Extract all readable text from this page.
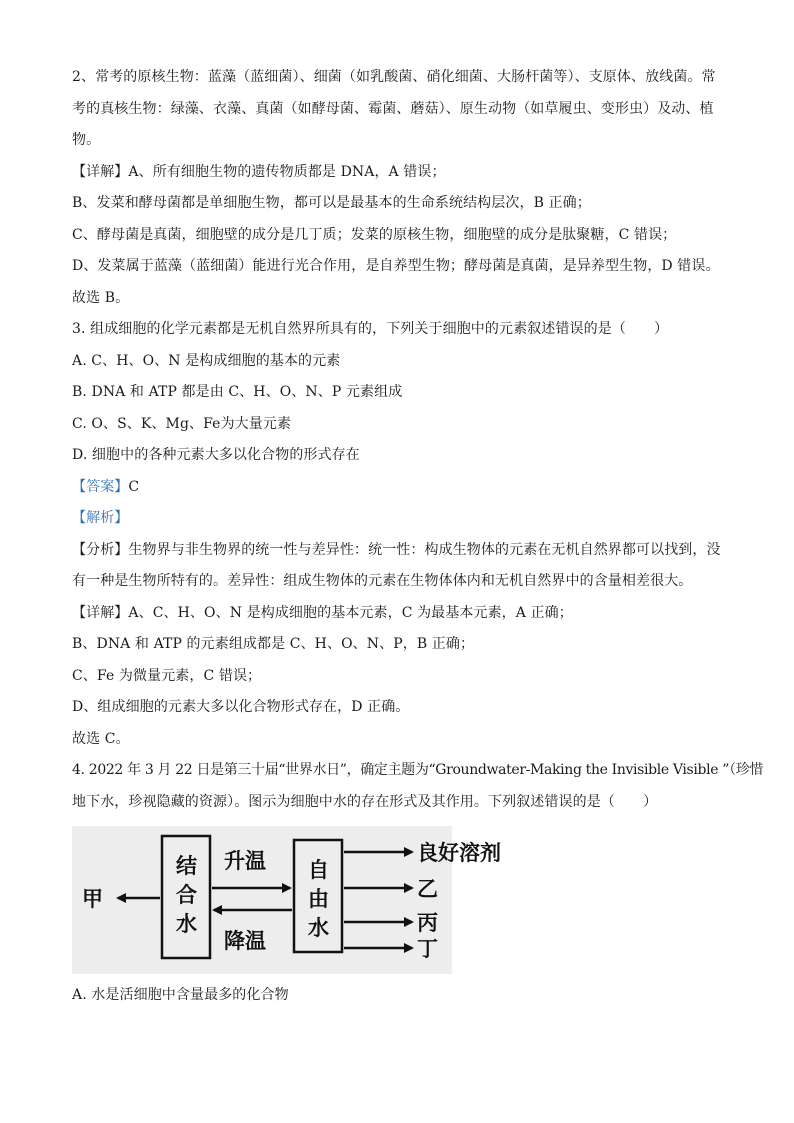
2、常考的原核生物：蓝藻（蓝细菌）、细菌（如乳酸菌、硝化细菌、大肠杆菌等）、支原体、放线菌。常
考的真核生物：绿藻、衣藻、真菌（如酵母菌、霉菌、蘑菇）、原生动物（如草履虫、变形虫）及动、植
物。
【详解】A、所有细胞生物的遗传物质都是 DNA，A 错误；
B、发菜和酵母菌都是单细胞生物，都可以是最基本的生命系统结构层次，B 正确；
C、酵母菌是真菌，细胞壁的成分是几丁质；发菜的原核生物，细胞壁的成分是肽聚糖，C 错误；
D、发菜属于蓝藻（蓝细菌）能进行光合作用，是自养型生物；酵母菌是真菌，是异养型生物，D 错误。
故选 B。
3. 组成细胞的化学元素都是无机自然界所具有的，下列关于细胞中的元素叙述错误的是（　　）
A. C、H、O、N 是构成细胞的基本的元素
B. DNA 和 ATP 都是由 C、H、O、N、P 元素组成
C. O、S、K、Mg、Fe为大量元素
D. 细胞中的各种元素大多以化合物的形式存在
【答案】C
【解析】
【分析】生物界与非生物界的统一性与差异性：统一性：构成生物体的元素在无机自然界都可以找到，没
有一种是生物所特有的。差异性：组成生物体的元素在生物体体内和无机自然界中的含量相差很大。
【详解】A、C、H、O、N 是构成细胞的基本元素，C 为最基本元素，A 正确；
B、DNA 和 ATP 的元素组成都是 C、H、O、N、P，B 正确；
C、Fe 为微量元素，C 错误；
D、组成细胞的元素大多以化合物形式存在，D 正确。
故选 C。
4. 2022 年 3 月 22 日是第三十届“世界水日”，确定主题为“Groundwater-Making the Invisible Visible ”（珍惜
地下水，珍视隐藏的资源）。图示为细胞中水的存在形式及其作用。下列叙述错误的是（　　）
结
合
水
自
由
水
甲
升温
降温
良好溶剂
乙
丙
丁
A. 水是活细胞中含量最多的化合物
